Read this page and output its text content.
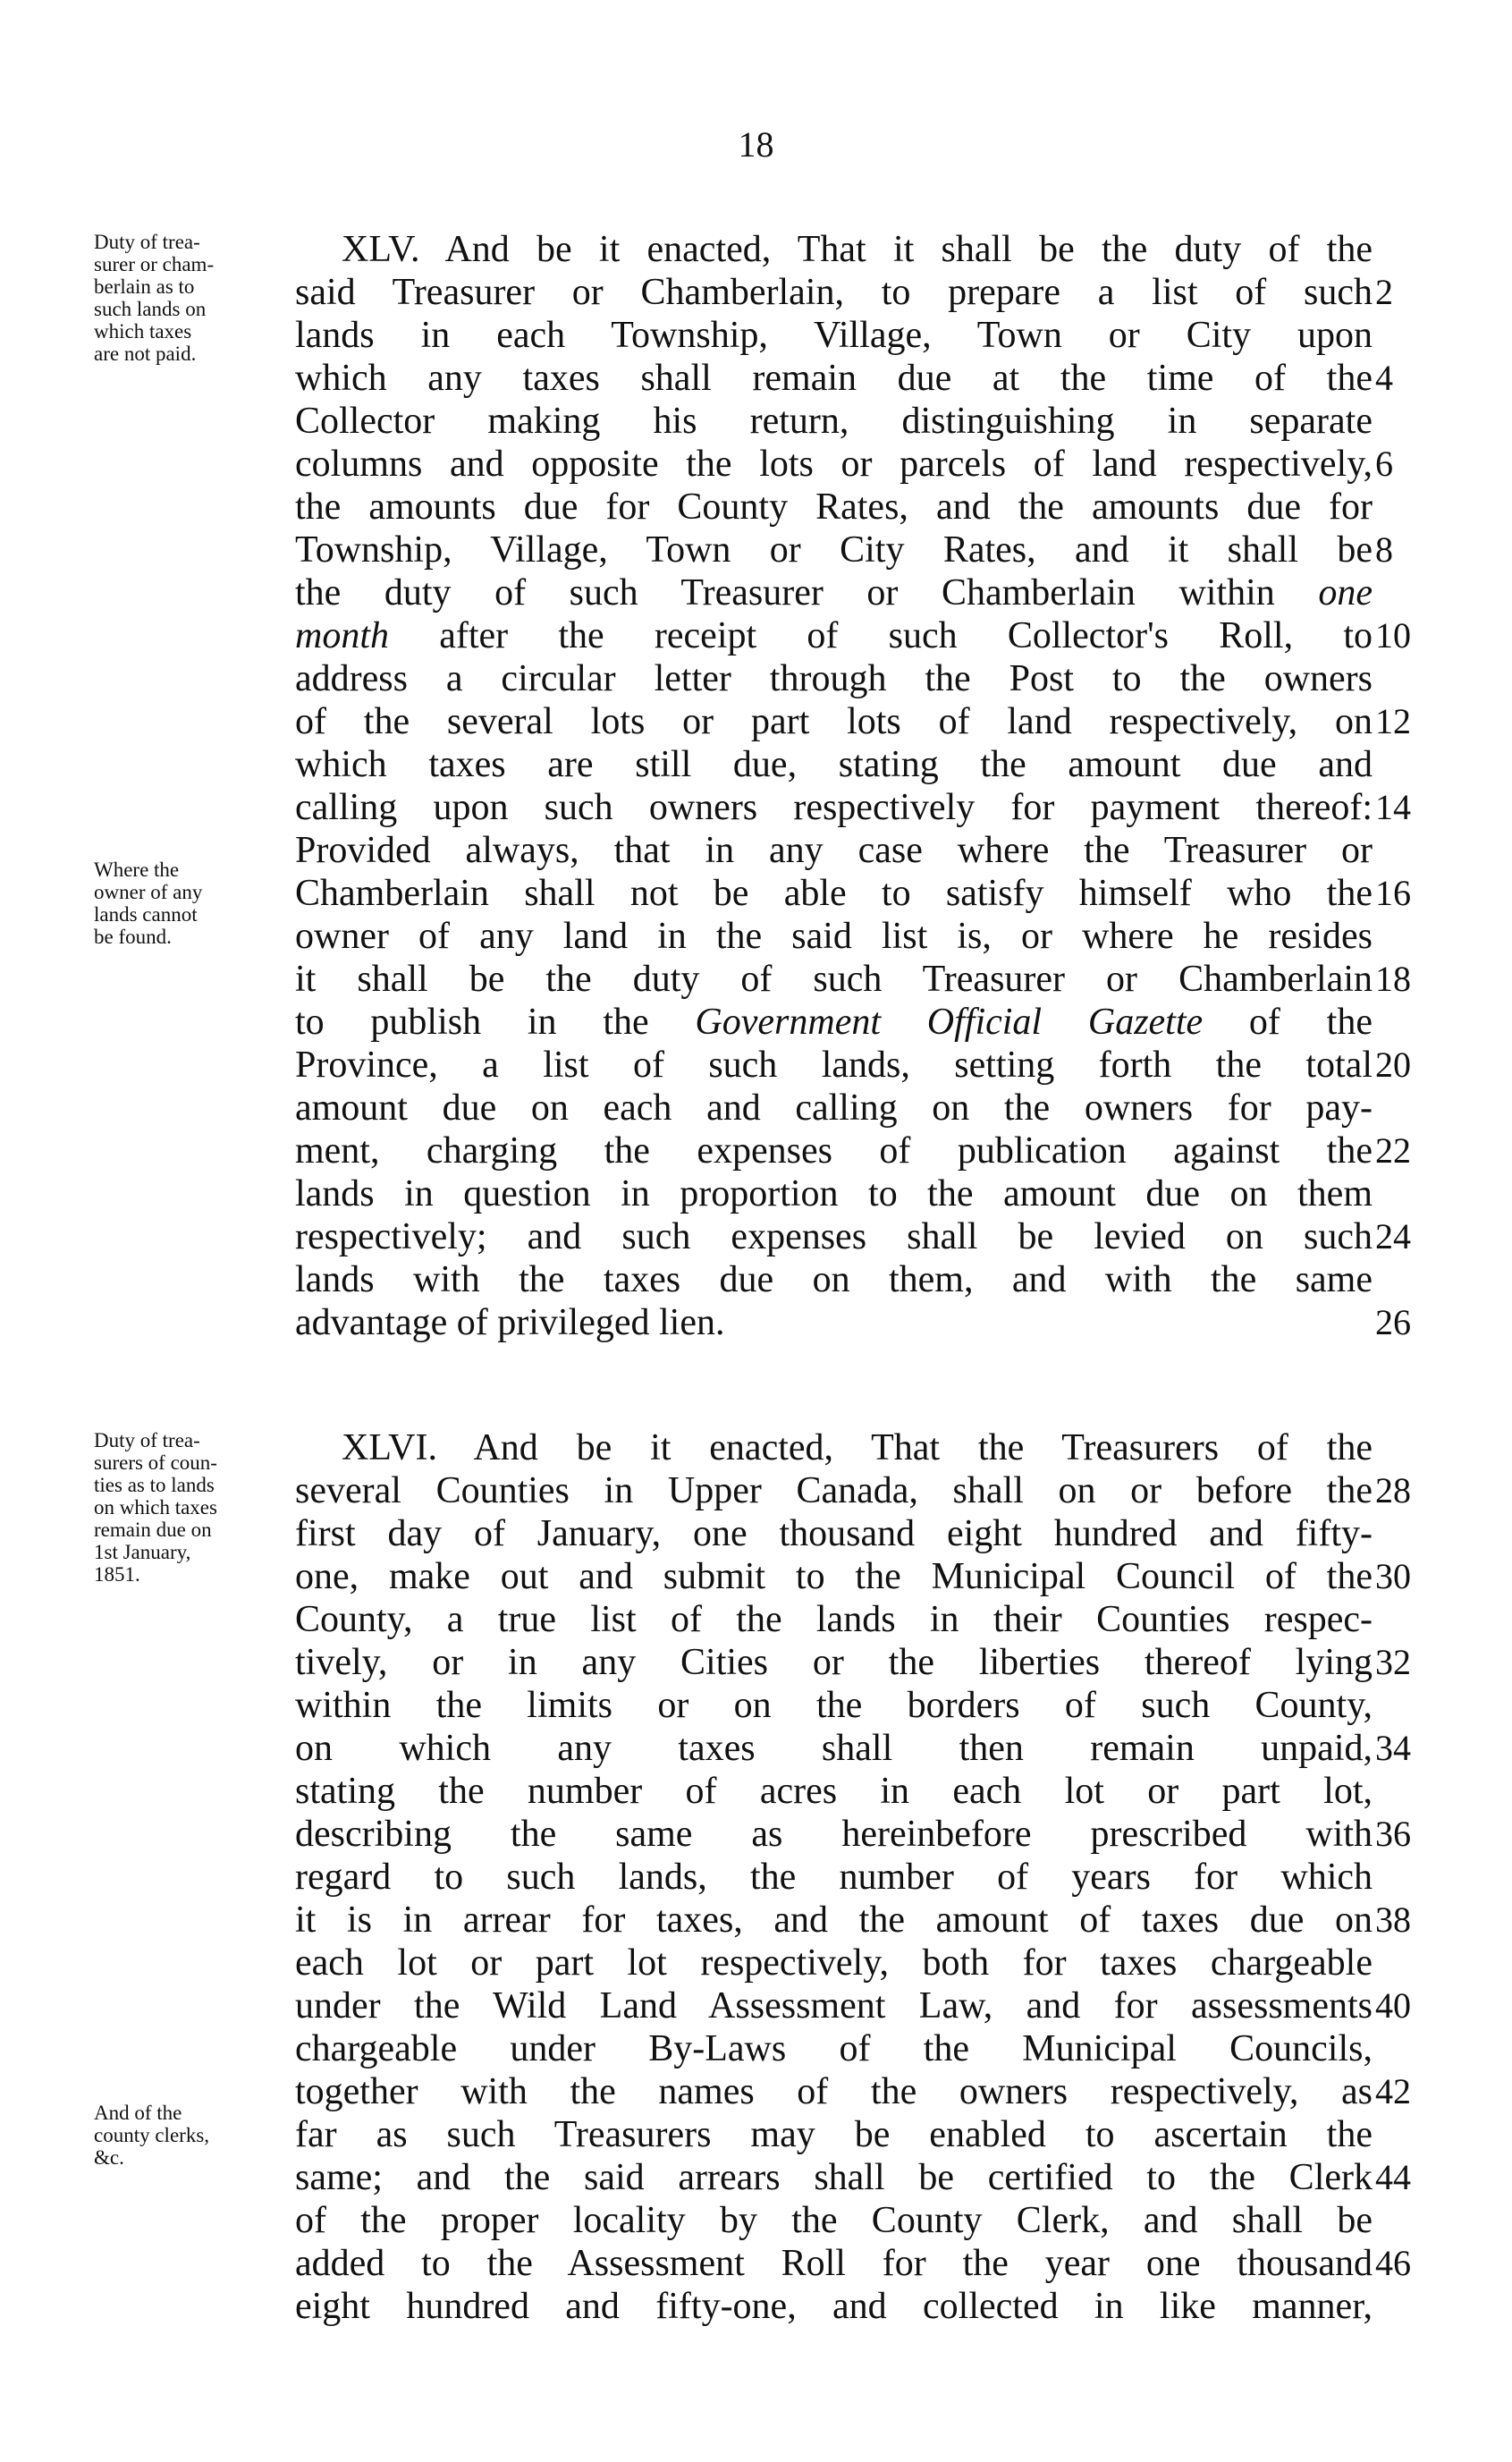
18
Duty of trea-
surer or cham-
berlain as to
such lands on
which taxes
are not paid.
Where the
owner of any
lands cannot
be found.
Duty of trea-
surers of coun-
ties as to lands
on which taxes
remain due on
1st January,
1851.
And of the
county clerks,
&c.
XLV. And be it enacted, That it shall be the duty of the
said Treasurer or Chamberlain, to prepare a list of such
lands in each Township, Village, Town or City upon
which any taxes shall remain due at the time of the
Collector making his return, distinguishing in separate
columns and opposite the lots or parcels of land respectively,
the amounts due for County Rates, and the amounts due for
Township, Village, Town or City Rates, and it shall be
the duty of such Treasurer or Chamberlain within one
month after the receipt of such Collector's Roll, to
address a circular letter through the Post to the owners
of the several lots or part lots of land respectively, on
which taxes are still due, stating the amount due and
calling upon such owners respectively for payment thereof:
Provided always, that in any case where the Treasurer or
Chamberlain shall not be able to satisfy himself who the
owner of any land in the said list is, or where he resides
it shall be the duty of such Treasurer or Chamberlain
to publish in the Government Official Gazette of the
Province, a list of such lands, setting forth the total
amount due on each and calling on the owners for pay-
ment, charging the expenses of publication against the
lands in question in proportion to the amount due on them
respectively; and such expenses shall be levied on such
lands with the taxes due on them, and with the same
advantage of privileged lien.
2
4
6
8
10
12
14
16
18
20
22
24
26
XLVI. And be it enacted, That the Treasurers of the
several Counties in Upper Canada, shall on or before the
first day of January, one thousand eight hundred and fifty-
one, make out and submit to the Municipal Council of the
County, a true list of the lands in their Counties respec-
tively, or in any Cities or the liberties thereof lying
within the limits or on the borders of such County,
on which any taxes shall then remain unpaid,
stating the number of acres in each lot or part lot,
describing the same as hereinbefore prescribed with
regard to such lands, the number of years for which
it is in arrear for taxes, and the amount of taxes due on
each lot or part lot respectively, both for taxes chargeable
under the Wild Land Assessment Law, and for assessments
chargeable under By-Laws of the Municipal Councils,
together with the names of the owners respectively, as
far as such Treasurers may be enabled to ascertain the
same; and the said arrears shall be certified to the Clerk
of the proper locality by the County Clerk, and shall be
added to the Assessment Roll for the year one thousand
eight hundred and fifty-one, and collected in like manner,
28
30
32
34
36
38
40
42
44
46
